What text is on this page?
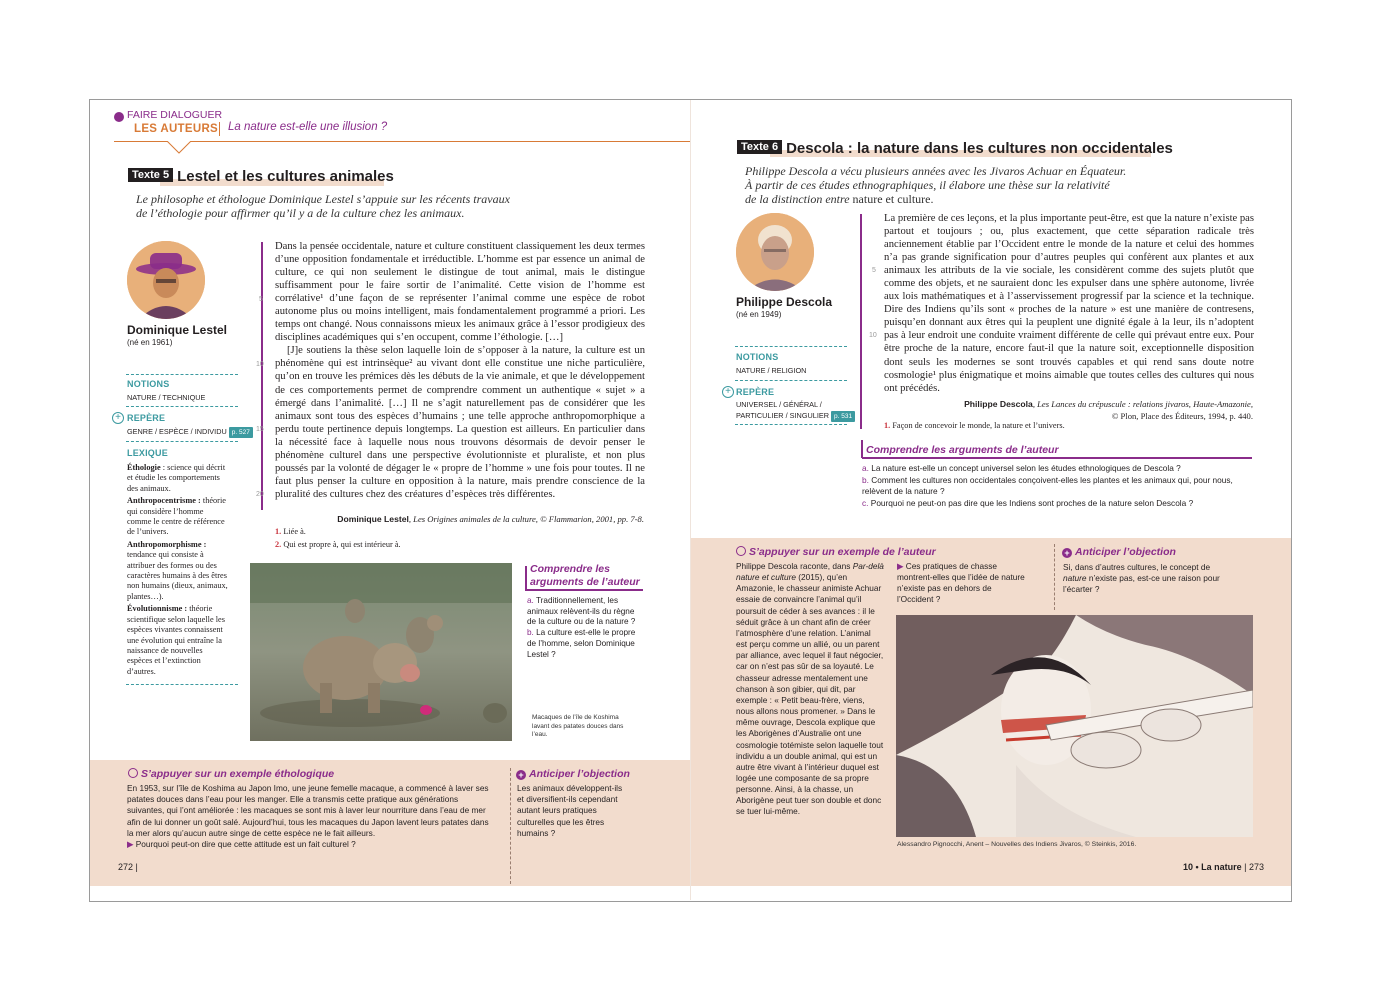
FAIRE DIALOGUER
LES AUTEURS La nature est-elle une illusion ?
Texte 5 Lestel et les cultures animales
Le philosophe et éthologue Dominique Lestel s’appuie sur les récents travaux
de l’éthologie pour affirmer qu’il y a de la culture chez les animaux.
Dominique Lestel
(né en 1961)
NOTIONS
NATURE / TECHNIQUE
+ REPÈRE
GENRE / ESPÈCE / INDIVIDU p. 527
LEXIQUE
Éthologie : science qui décrit et étudie les comportements des animaux.
Anthropocentrisme : théorie qui considère l’homme comme le centre de référence de l’univers.
Anthropomorphisme : tendance qui consiste à attribuer des formes ou des caractères humains à des êtres non humains (dieux, animaux, plantes…).
Évolutionnisme : théorie scientifique selon laquelle les espèces vivantes connaissent une évolution qui entraîne la naissance de nouvelles espèces et l’extinction d’autres.
5
10
15
20

Dans la pensée occidentale, nature et culture constituent classiquement les deux termes d’une opposition fondamentale et irréductible. L’homme est par essence un animal de culture, ce qui non seulement le distingue de tout animal, mais le distingue suffisamment pour le faire sortir de l’animalité. Cette vision de l’homme est corrélative¹ d’une façon de se représenter l’animal comme une espèce de robot autonome plus ou moins intelligent, mais fondamentalement programmé a priori. Les temps ont changé. Nous connaissons mieux les animaux grâce à l’essor prodigieux des disciplines académiques qui s’en occupent, comme l’éthologie. […]

[J]e soutiens la thèse selon laquelle loin de s’opposer à la nature, la culture est un phénomène qui est intrinsèque² au vivant dont elle constitue une niche particulière, qu’on en trouve les prémices dès les débuts de la vie animale, et que le développement de ces comportements permet de comprendre comment un authentique « sujet » a émergé dans l’animalité. […] Il ne s’agit naturellement pas de considérer que les animaux sont tous des espèces d’humains ; une telle approche anthropomorphique a perdu toute pertinence depuis longtemps. La question est ailleurs. En particulier dans la nécessité face à laquelle nous nous trouvons désormais de devoir penser le phénomène culturel dans une perspective évolutionniste et pluraliste, et non plus poussés par la volonté de dégager le « propre de l’homme » une fois pour toutes. Il ne faut plus penser la culture en opposition à la nature, mais prendre conscience de la pluralité des cultures chez des créatures d’espèces très différentes.

Dominique Lestel, Les Origines animales de la culture, © Flammarion, 2001, pp. 7-8.
1. Liée à.
2. Qui est propre à, qui est intérieur à.
Comprendre les
arguments de l’auteur
a. Traditionnellement, les animaux relèvent-ils du règne de la culture ou de la nature ?
b. La culture est-elle le propre de l’homme, selon Dominique Lestel ?
Macaques de l’île de Koshima lavant des patates douces dans l’eau.
S’appuyer sur un exemple éthologique
En 1953, sur l’île de Koshima au Japon Imo, une jeune femelle macaque, a commencé à laver ses patates douces dans l’eau pour les manger. Elle a transmis cette pratique aux générations suivantes, qui l’ont améliorée : les macaques se sont mis à laver leur nourriture dans l’eau de mer afin de lui donner un goût salé. Aujourd’hui, tous les macaques du Japon lavent leurs patates dans la mer alors qu’aucun autre singe de cette espèce ne le fait ailleurs.
▶ Pourquoi peut-on dire que cette attitude est un fait culturel ?
+ Anticiper l’objection
Les animaux développent-ils et diversifient-ils cependant autant leurs pratiques culturelles que les êtres humains ?
272 |
Texte 6 Descola : la nature dans les cultures non occidentales
Philippe Descola a vécu plusieurs années avec les Jivaros Achuar en Équateur.
À partir de ces études ethnographiques, il élabore une thèse sur la relativité
de la distinction entre nature et culture.
Philippe Descola
(né en 1949)
NOTIONS
NATURE / RELIGION
+ REPÈRE
UNIVERSEL / GÉNÉRAL /
PARTICULIER / SINGULIER p. 531
5
10

La première de ces leçons, et la plus importante peut-être, est que la nature n’existe pas partout et toujours ; ou, plus exactement, que cette séparation radicale très anciennement établie par l’Occident entre le monde de la nature et celui des hommes n’a pas grande signification pour d’autres peuples qui confèrent aux plantes et aux animaux les attributs de la vie sociale, les considèrent comme des sujets plutôt que comme des objets, et ne sauraient donc les expulser dans une sphère autonome, livrée aux lois mathématiques et à l’asservissement progressif par la science et la technique. Dire des Indiens qu’ils sont « proches de la nature » est une manière de contresens, puisqu’en donnant aux êtres qui la peuplent une dignité égale à la leur, ils n’adoptent pas à leur endroit une conduite vraiment différente de celle qui prévaut entre eux. Pour être proche de la nature, encore faut-il que la nature soit, exceptionnelle disposition dont seuls les modernes se sont trouvés capables et qui rend sans doute notre cosmologie¹ plus énigmatique et moins aimable que toutes celles des cultures qui nous ont précédés.

Philippe Descola, Les Lances du crépuscule : relations jivaros, Haute-Amazonie,
© Plon, Place des Éditeurs, 1994, p. 440.
1. Façon de concevoir le monde, la nature et l’univers.
Comprendre les arguments de l’auteur
a. La nature est-elle un concept universel selon les études ethnologiques de Descola ?
b. Comment les cultures non occidentales conçoivent-elles les plantes et les animaux qui, pour nous, relèvent de la nature ?
c. Pourquoi ne peut-on pas dire que les Indiens sont proches de la nature selon Descola ?
S’appuyer sur un exemple de l’auteur
Philippe Descola raconte, dans Par-delà nature et culture (2015), qu’en Amazonie, le chasseur animiste Achuar essaie de convaincre l’animal qu’il poursuit de céder à ses avances : il le séduit grâce à un chant afin de créer l’atmosphère d’une relation. L’animal est perçu comme un allié, ou un parent par alliance, avec lequel il faut négocier, car on n’est pas sûr de sa loyauté. Le chasseur adresse mentalement une chanson à son gibier, qui dit, par exemple : « Petit beau-frère, viens, nous allons nous promener. » Dans le même ouvrage, Descola explique que les Aborigènes d’Australie ont une cosmologie totémiste selon laquelle tout individu a un double animal, qui est un autre être vivant à l’intérieur duquel est logée une composante de sa propre personne. Ainsi, à la chasse, un Aborigène peut tuer son double et donc se tuer lui-même.
▶ Ces pratiques de chasse montrent-elles que l’idée de nature n’existe pas en dehors de l’Occident ?
+ Anticiper l’objection
Si, dans d’autres cultures, le concept de nature n’existe pas, est-ce une raison pour l’écarter ?
Alessandro Pignocchi, Anent – Nouvelles des Indiens Jivaros, © Steinkis, 2016.
10 • La nature | 273
